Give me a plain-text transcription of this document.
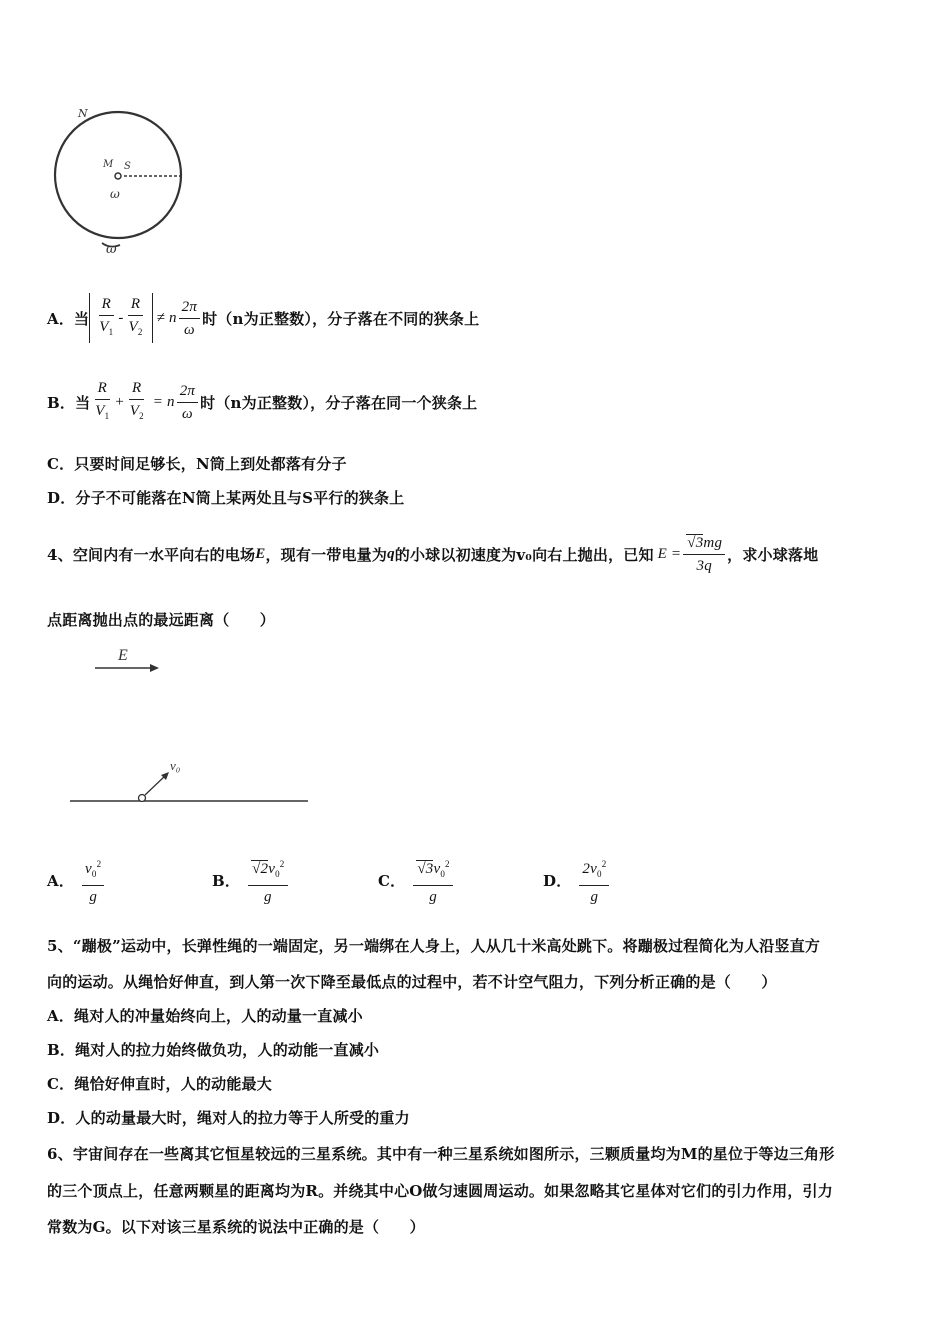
N
M S
ω
ω
A． 当 $\frac{R}{V_1} - \frac{R}{V_2} \ne n \frac{2\pi}{\omega}$ 时（n为正整数），分子落在不同的狭条上
B． 当 $\frac{R}{V_1} + \frac{R}{V_2} = n \frac{2\pi}{\omega}$ 时（n为正整数），分子落在同一个狭条上
C．只要时间足够长，N筒上到处都落有分子
D．分子不可能落在N筒上某两处且与S平行的狭条上
4、空间内有一水平向右的电场 E ，现有一带电量为 q 的小球以初速度为v₀向右上抛出，已知 $E = \frac{√3mg}{3q}$ ，求小球落地
点距离抛出点的最远距离（　　）
E
v₀
A． $\frac{v_0^2}{g}$	B． $\frac{√2v_0^2}{g}$	C． $\frac{√3v_0^2}{g}$	D． $\frac{2v_0^2}{g}$
5、“蹦极”运动中，长弹性绳的一端固定，另一端绑在人身上，人从几十米高处跳下。将蹦极过程简化为人沿竖直方
向的运动。从绳恰好伸直，到人第一次下降至最低点的过程中，若不计空气阻力，下列分析正确的是（　　）
A．绳对人的冲量始终向上，人的动量一直减小
B．绳对人的拉力始终做负功，人的动能一直减小
C．绳恰好伸直时，人的动能最大
D．人的动量最大时，绳对人的拉力等于人所受的重力
6、宇宙间存在一些离其它恒星较远的三星系统。其中有一种三星系统如图所示，三颗质量均为M的星位于等边三角形
的三个顶点上，任意两颗星的距离均为R。并绕其中心O做匀速圆周运动。如果忽略其它星体对它们的引力作用，引力
常数为G。以下对该三星系统的说法中正确的是（　　）
